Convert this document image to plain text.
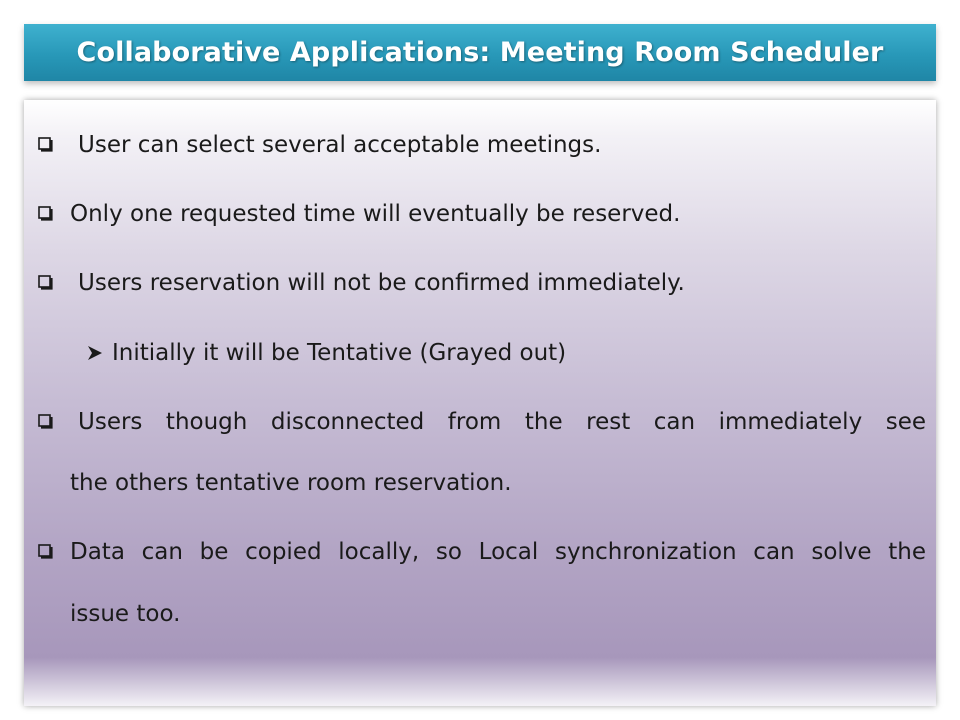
Collaborative Applications: Meeting Room Scheduler
User can select several acceptable meetings.
Only one requested time will eventually be reserved.
Users reservation will not be confirmed immediately.
Initially it will be Tentative (Grayed out)
Users though disconnected from the rest can immediately see
the others tentative room reservation.
Data can be copied locally, so Local synchronization can solve the
issue too.
